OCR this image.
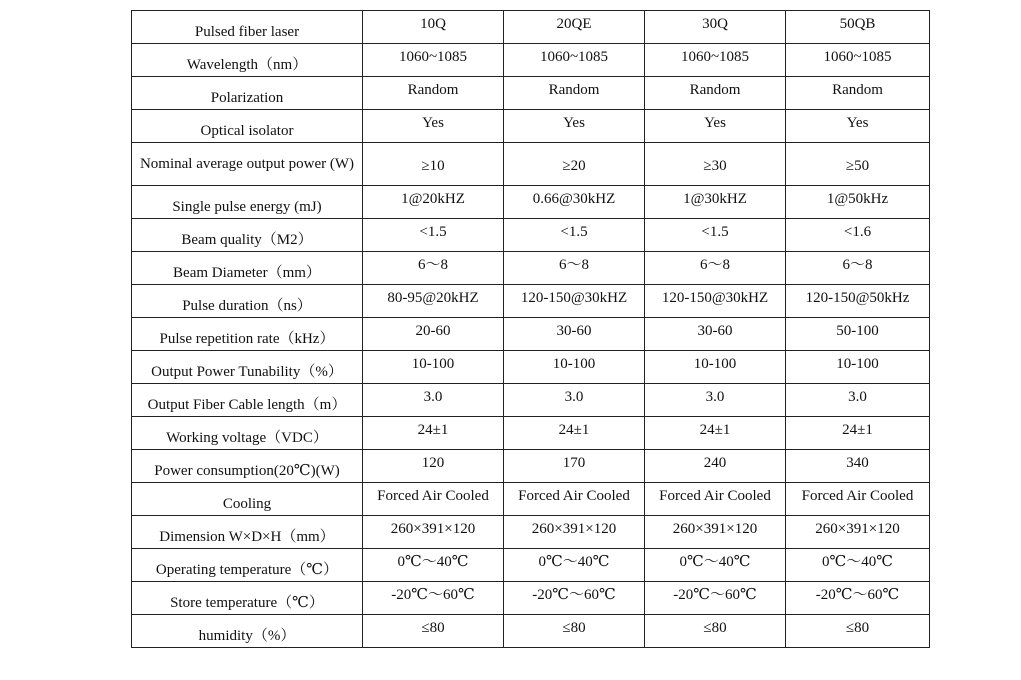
Pulsed fiber laser	10Q	20QE	30Q	50QB
Wavelength（nm）	1060~1085	1060~1085	1060~1085	1060~1085
Polarization	Random	Random	Random	Random
Optical isolator	Yes	Yes	Yes	Yes
Nominal average output power (W)	≥10	≥20	≥30	≥50
Single pulse energy (mJ)	1@20kHZ	0.66@30kHZ	1@30kHZ	1@50kHz
Beam quality（M2）	<1.5	<1.5	<1.5	<1.6
Beam Diameter（mm）	6～8	6～8	6～8	6～8
Pulse duration（ns）	80-95@20kHZ	120-150@30kHZ	120-150@30kHZ	120-150@50kHz
Pulse repetition rate（kHz）	20-60	30-60	30-60	50-100
Output Power Tunability（%）	10-100	10-100	10-100	10-100
Output Fiber Cable length（m）	3.0	3.0	3.0	3.0
Working voltage（VDC）	24±1	24±1	24±1	24±1
Power consumption(20℃)(W)	120	170	240	340
Cooling	Forced Air Cooled	Forced Air Cooled	Forced Air Cooled	Forced Air Cooled
Dimension W×D×H（mm）	260×391×120	260×391×120	260×391×120	260×391×120
Operating temperature（℃）	0℃～40℃	0℃～40℃	0℃～40℃	0℃～40℃
Store temperature（℃）	-20℃～60℃	-20℃～60℃	-20℃～60℃	-20℃～60℃
humidity（%）	≤80	≤80	≤80	≤80
